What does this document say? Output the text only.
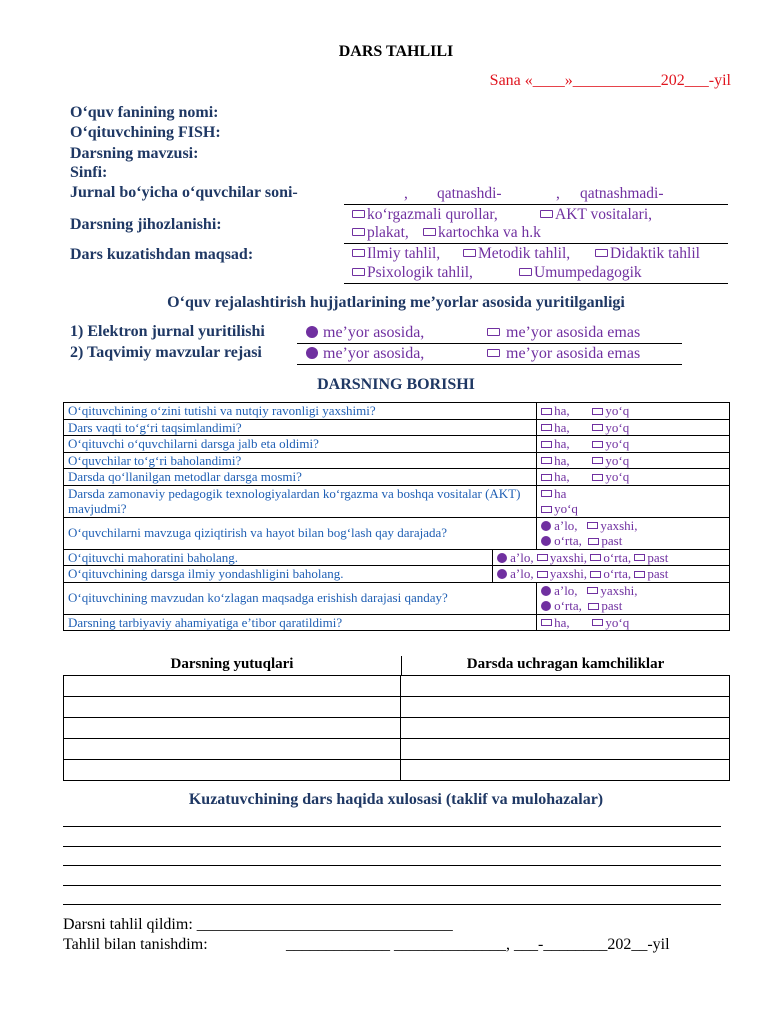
DARS TAHLILI
Sana «____»___________202___-yil
O‘quv fanining nomi:
O‘qituvchining FISH:
Darsning mavzusi:
Sinfi:
Jurnal bo‘yicha o‘quvchilar soni-	, qatnashdi-	, qatnashmadi-
Darsning jihozlanishi:
ko‘rgazmali qurollar,	AKT vositalari,
plakat,	kartochka va h.k
Dars kuzatishdan maqsad:	Ilmiy tahlil,	Metodik tahlil,	Didaktik tahlil
Psixologik tahlil,	Umumpedagogik
O‘quv rejalashtirish hujjatlarining me’yorlar asosida yuritilganligi
1) Elektron jurnal yuritilishi	me’yor asosida,	me’yor asosida emas
2) Taqvimiy mavzular rejasi	me’yor asosida,	me’yor asosida emas
DARSNING BORISHI
O‘qituvchining o‘zini tutishi va nutqiy ravonligi yaxshimi?		ha, yo‘q
Dars vaqti to‘g‘ri taqsimlandimi?		ha, yo‘q
O‘qituvchi o‘quvchilarni darsga jalb eta oldimi?		ha, yo‘q
O‘quvchilar to‘g‘ri baholandimi?		ha, yo‘q
Darsda qo‘llanilgan metodlar darsga mosmi?		ha, yo‘q
Darsda zamonaviy pedagogik texnologiyalardan ko‘rgazma va boshqa vositalar (AKT) mavjudmi?		ha
yo‘q
O‘quvchilarni mavzuga qiziqtirish va hayot bilan bog‘lash qay darajada?		a’lo, yaxshi,
o‘rta, past
O‘qituvchi mahoratini baholang.	a’lo, yaxshi, o‘rta, past	
O‘qituvchining darsga ilmiy yondashligini baholang.	a’lo, yaxshi, o‘rta, past	
O‘qituvchining mavzudan ko‘zlagan maqsadga erishish darajasi qanday?		a’lo, yaxshi,
o‘rta, past
Darsning tarbiyaviy ahamiyatiga e’tibor qaratildimi?		ha, yo‘q
Darsning yutuqlari	Darsda uchragan kamchiliklar

Kuzatuvchining dars haqida xulosasi (taklif va mulohazalar)
Darsni tahlil qildim: ________________________________
Tahlil bilan tanishdim:	_____________ ______________, ___-________202__-yil
